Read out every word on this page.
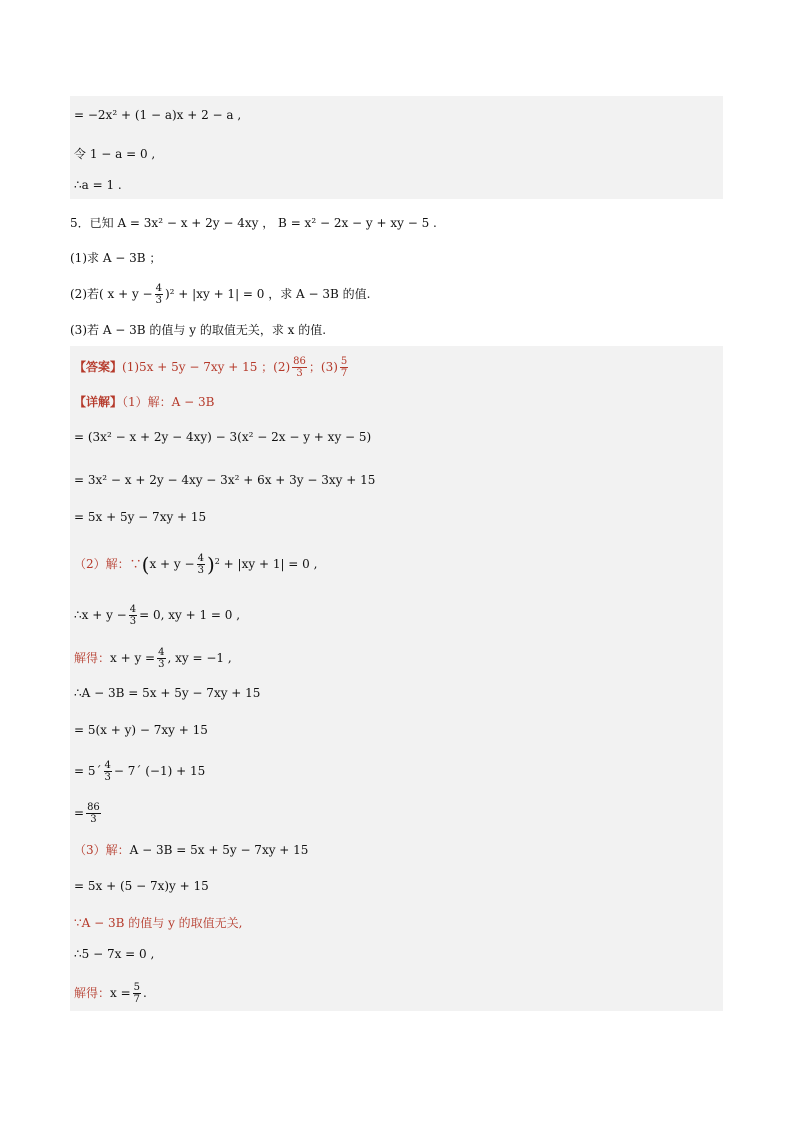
= −2x² + (1 − a)x + 2 − a ,
令 1 − a = 0 ,
∴a = 1 .
5．已知 A = 3x² − x + 2y − 4xy ， B = x² − 2x − y + xy − 5 .
(1)求 A − 3B ；
(2)若( $x + y - \frac{4}{3} )^2 + |xy + 1| = 0$ ，求 A − 3B 的值.
(3)若 A − 3B 的值与 y 的取值无关，求 x 的值.
【答案】(1)5x + 5y − 7xy + 15 ；$(2) \frac{86}{3}$ ；$(3) \frac{5}{7}$
【详解】（1）解：A − 3B
= (3x² − x + 2y − 4xy) − 3(x² − 2x − y + xy − 5)
= 3x² − x + 2y − 4xy − 3x² + 6x + 3y − 3xy + 15
= 5x + 5y − 7xy + 15
（2）解：∵(x + $y - \frac{4}{3} )^2 + |xy + 1| = 0$ ,
∴x + $y - \frac{4}{3} = 0$, xy + 1 = 0 ,
解得：$x + y = \frac{4}{3}$ , xy = −1 ,
∴A − 3B = 5x + 5y − 7xy + 15
= 5(x + y) − 7xy + 15
= 5´ $\frac{4}{3}$ − 7´ (−1) + 15
= $\frac{86}{3}$
（3）解：A − 3B = 5x + 5y − 7xy + 15
= 5x + (5 − 7x)y + 15
∵A − 3B 的值与 y 的取值无关,
∴5 − 7x = 0 ,
解得：$x = \frac{5}{7}$ .
